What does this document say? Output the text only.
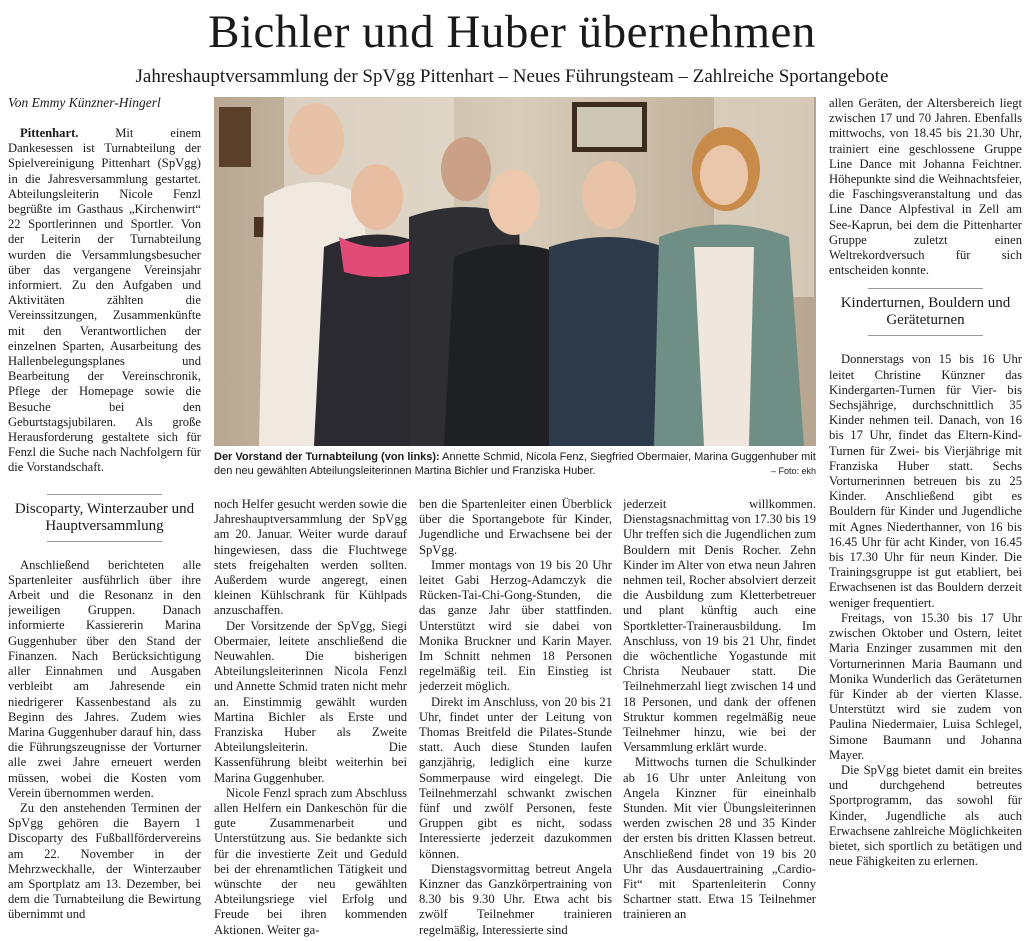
Bichler und Huber übernehmen
Jahreshauptversammlung der SpVgg Pittenhart – Neues Führungsteam – Zahlreiche Sportangebote
Von Emmy Künzner-Hingerl

Pittenhart. Mit einem Dankesessen ist Turnabteilung der Spielvereinigung Pittenhart (SpVgg) in die Jahresversammlung gestartet. Abteilungsleiterin Nicole Fenzl begrüßte im Gasthaus „Kirchenwirt“ 22 Sportlerinnen und Sportler. Von der Leiterin der Turnabteilung wurden die Versammlungsbesucher über das vergangene Vereinsjahr informiert. Zu den Aufgaben und Aktivitäten zählten die Vereinssitzungen, Zusammenkünfte mit den Verantwortlichen der einzelnen Sparten, Ausarbeitung des Hallenbelegungsplanes und Bearbeitung der Vereinschronik, Pflege der Homepage sowie die Besuche bei den Geburtstagsjubilaren. Als große Herausforderung gestaltete sich für Fenzl die Suche nach Nachfolgern für die Vorstandschaft.

Discoparty, Winterzauber und Hauptversammlung

Anschließend berichteten alle Spartenleiter ausführlich über ihre Arbeit und die Resonanz in den jeweiligen Gruppen. Danach informierte Kassiererin Marina Guggenhuber über den Stand der Finanzen. Nach Berücksichtigung aller Einnahmen und Ausgaben verbleibt am Jahresende ein niedrigerer Kassenbestand als zu Beginn des Jahres. Zudem wies Marina Guggenhuber darauf hin, dass die Führungszeugnisse der Vorturner alle zwei Jahre erneuert werden müssen, wobei die Kosten vom Verein übernommen werden.

Zu den anstehenden Terminen der SpVgg gehören die Bayern 1 Discoparty des Fußballfördervereins am 22. November in der Mehrzweckhalle, der Winterzauber am Sportplatz am 13. Dezember, bei dem die Turnabteilung die Bewirtung übernimmt und

Der Vorstand der Turnabteilung (von links): Annette Schmid, Nicola Fenz, Siegfried Obermaier, Marina Guggenhuber mit den neu gewählten Abteilungsleiterinnen Martina Bichler und Franziska Huber.	– Foto: ekh

noch Helfer gesucht werden sowie die Jahreshauptversammlung der SpVgg am 20. Januar. Weiter wurde darauf hingewiesen, dass die Fluchtwege stets freigehalten werden sollten. Außerdem wurde angeregt, einen kleinen Kühlschrank für Kühlpads anzuschaffen.

Der Vorsitzende der SpVgg, Siegi Obermaier, leitete anschließend die Neuwahlen. Die bisherigen Abteilungsleiterinnen Nicola Fenzl und Annette Schmid traten nicht mehr an. Einstimmig gewählt wurden Martina Bichler als Erste und Franziska Huber als Zweite Abteilungsleiterin. Die Kassenführung bleibt weiterhin bei Marina Guggenhuber.

Nicole Fenzl sprach zum Abschluss allen Helfern ein Dankeschön für die gute Zusammenarbeit und Unterstützung aus. Sie bedankte sich für die investierte Zeit und Geduld bei der ehrenamtlichen Tätigkeit und wünschte der neu gewählten Abteilungsriege viel Erfolg und Freude bei ihren kommenden Aktionen. Weiter ga-

ben die Spartenleiter einen Überblick über die Sportangebote für Kinder, Jugendliche und Erwachsene bei der SpVgg.

Immer montags von 19 bis 20 Uhr leitet Gabi Herzog-Adamczyk die Rücken-Tai-Chi-Gong-Stunden, die das ganze Jahr über stattfinden. Unterstützt wird sie dabei von Monika Bruckner und Karin Mayer. Im Schnitt nehmen 18 Personen regelmäßig teil. Ein Einstieg ist jederzeit möglich.

Direkt im Anschluss, von 20 bis 21 Uhr, findet unter der Leitung von Thomas Breitfeld die Pilates-Stunde statt. Auch diese Stunden laufen ganzjährig, lediglich eine kurze Sommerpause wird eingelegt. Die Teilnehmerzahl schwankt zwischen fünf und zwölf Personen, feste Gruppen gibt es nicht, sodass Interessierte jederzeit dazukommen können.

Dienstagsvormittag betreut Angela Kinzner das Ganzkörpertraining von 8.30 bis 9.30 Uhr. Etwa acht bis zwölf Teilnehmer trainieren regelmäßig, Interessierte sind

jederzeit willkommen. Dienstagsnachmittag von 17.30 bis 19 Uhr treffen sich die Jugendlichen zum Bouldern mit Denis Rocher. Zehn Kinder im Alter von etwa neun Jahren nehmen teil, Rocher absolviert derzeit die Ausbildung zum Kletterbetreuer und plant künftig auch eine Sportkletter-Trainerausbildung. Im Anschluss, von 19 bis 21 Uhr, findet die wöchentliche Yogastunde mit Christa Neubauer statt. Die Teilnehmerzahl liegt zwischen 14 und 18 Personen, und dank der offenen Struktur kommen regelmäßig neue Teilnehmer hinzu, wie bei der Versammlung erklärt wurde.

Mittwochs turnen die Schulkinder ab 16 Uhr unter Anleitung von Angela Kinzner für eineinhalb Stunden. Mit vier Übungsleiterinnen werden zwischen 28 und 35 Kinder der ersten bis dritten Klassen betreut. Anschließend findet von 19 bis 20 Uhr das Ausdauertraining „Cardio-Fit“ mit Spartenleiterin Conny Schartner statt. Etwa 15 Teilnehmer trainieren an

allen Geräten, der Altersbereich liegt zwischen 17 und 70 Jahren. Ebenfalls mittwochs, von 18.45 bis 21.30 Uhr, trainiert eine geschlossene Gruppe Line Dance mit Johanna Feichtner. Höhepunkte sind die Weihnachtsfeier, die Faschingsveranstaltung und das Line Dance Alpfestival in Zell am See-Kaprun, bei dem die Pittenharter Gruppe zuletzt einen Weltrekordversuch für sich entscheiden konnte.

Kinderturnen, Bouldern und Geräteturnen

Donnerstags von 15 bis 16 Uhr leitet Christine Künzner das Kindergarten-Turnen für Vier- bis Sechsjährige, durchschnittlich 35 Kinder nehmen teil. Danach, von 16 bis 17 Uhr, findet das Eltern-Kind-Turnen für Zwei- bis Vierjährige mit Franziska Huber statt. Sechs Vorturnerinnen betreuen bis zu 25 Kinder. Anschließend gibt es Bouldern für Kinder und Jugendliche mit Agnes Niederthanner, von 16 bis 16.45 Uhr für acht Kinder, von 16.45 bis 17.30 Uhr für neun Kinder. Die Trainingsgruppe ist gut etabliert, bei Erwachsenen ist das Bouldern derzeit weniger frequentiert.

Freitags, von 15.30 bis 17 Uhr zwischen Oktober und Ostern, leitet Maria Enzinger zusammen mit den Vorturnerinnen Maria Baumann und Monika Wunderlich das Geräteturnen für Kinder ab der vierten Klasse. Unterstützt wird sie zudem von Paulina Niedermaier, Luisa Schlegel, Simone Baumann und Johanna Mayer.

Die SpVgg bietet damit ein breites und durchgehend betreutes Sportprogramm, das sowohl für Kinder, Jugendliche als auch Erwachsene zahlreiche Möglichkeiten bietet, sich sportlich zu betätigen und neue Fähigkeiten zu erlernen.
